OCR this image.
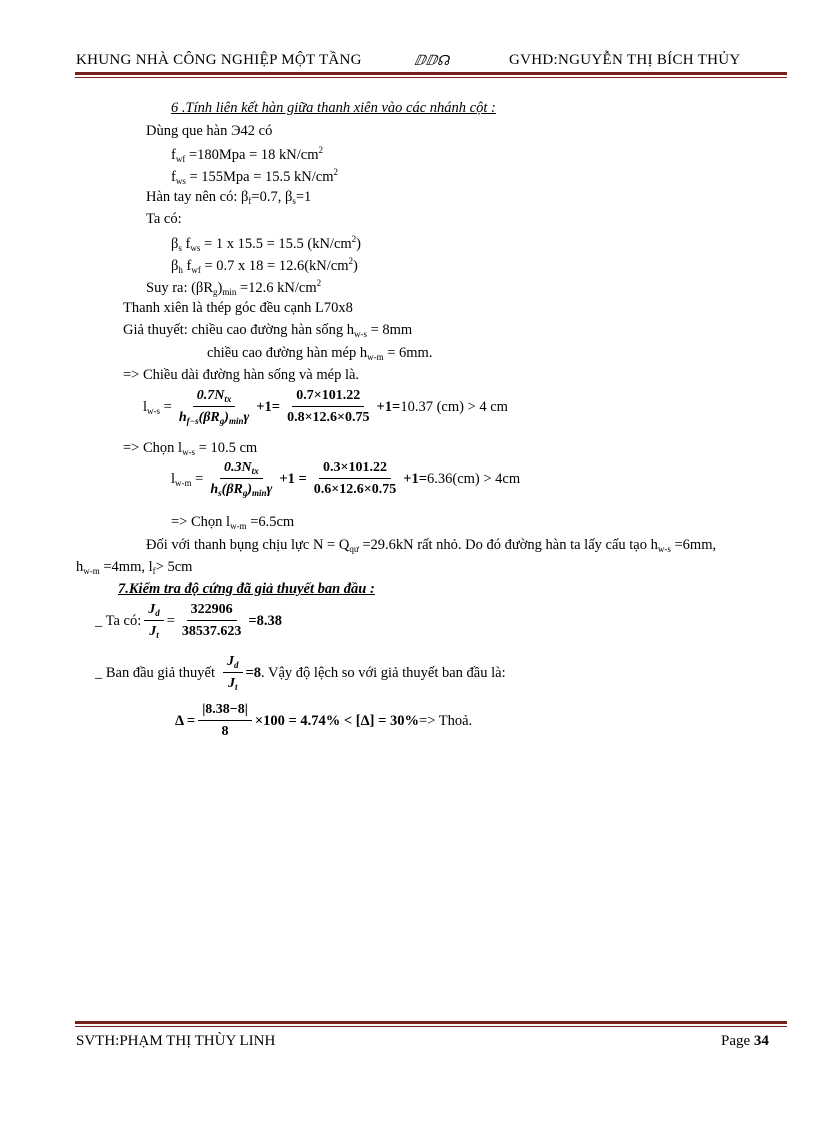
KHUNG NHÀ CÔNG NGHIỆP MỘT TẦNG	ⅅⅅ☊	GVHD:NGUYỄN THỊ BÍCH THỦY
6 .Tính liên kết hàn giữa thanh xiên vào các nhánh cột :
Dùng que hàn Э42 có
$f_{wf} =180Mpa = 18$ $kN/cm^2$
$f_{ws} = 155Mpa = 15.5$ $kN/cm^2$
Hàn tay nên có: $\beta_f=0.7$, $\beta_s=1$
Ta có:
$\beta_s$ $f_{ws} = 1$ x 15.5 = 15.5 $(kN/cm^2)$
$\beta_h$ $f_{wf} = 0.7$ x $18 = 12.6(kN/cm^2)$
Suy ra: $(\beta R_g)_{min} =12.6$ $kN/cm^2$
Thanh xiên là thép góc đều cạnh L70x8
Giả thuyết: chiều cao đường hàn sống $h_{w-s} = 8mm$
chiều cao đường hàn mép $h_{w-m} = 6mm$.
=> Chiều dài đường hàn sống và mép là.
$l_{w-s} = \frac{0.7N_{tx}}{h_{f-s}(\beta R_g)_{min}\gamma} +1= \frac{0.7\times 101.22}{0.8\times 12.6\times 0.75} +1= 10.37$ (cm) > 4 cm
=> Chọn $l_{w-s} = 10.5$ cm
$l_{w-m} = \frac{0.3N_{tx}}{h_s(\beta R_g)_{min}\gamma} +1 = \frac{0.3\times 101.22}{0.6\times 12.6\times 0.75} +1= 6.36(cm) > 4cm$
=> Chọn $l_{w-m} =6.5cm$
Đối với thanh bụng chịu lực $N = Q_{qư} =29.6kN$ rất nhỏ. Do đó đường hàn ta lấy cấu tạo $h_{w-s} =6mm$,
$h_{w-m} =4mm$, $l_f> 5cm$
7.Kiểm tra độ cứng đã giả thuyết ban đầu :
_ Ta có: $\frac{J_d}{J_t} = \frac{322906}{38537.623} =8.38$
_ Ban đầu giả thuyết $\frac{J_d}{J_t} =8$ . Vậy độ lệch so với giả thuyết ban đầu là:
$\Delta = \frac{|8.38-8|}{8} \times 100 = 4.74\% < [\Delta] = 30\%$ => Thoả.
SVTH:PHẠM THỊ THÙY LINH	Page 34
